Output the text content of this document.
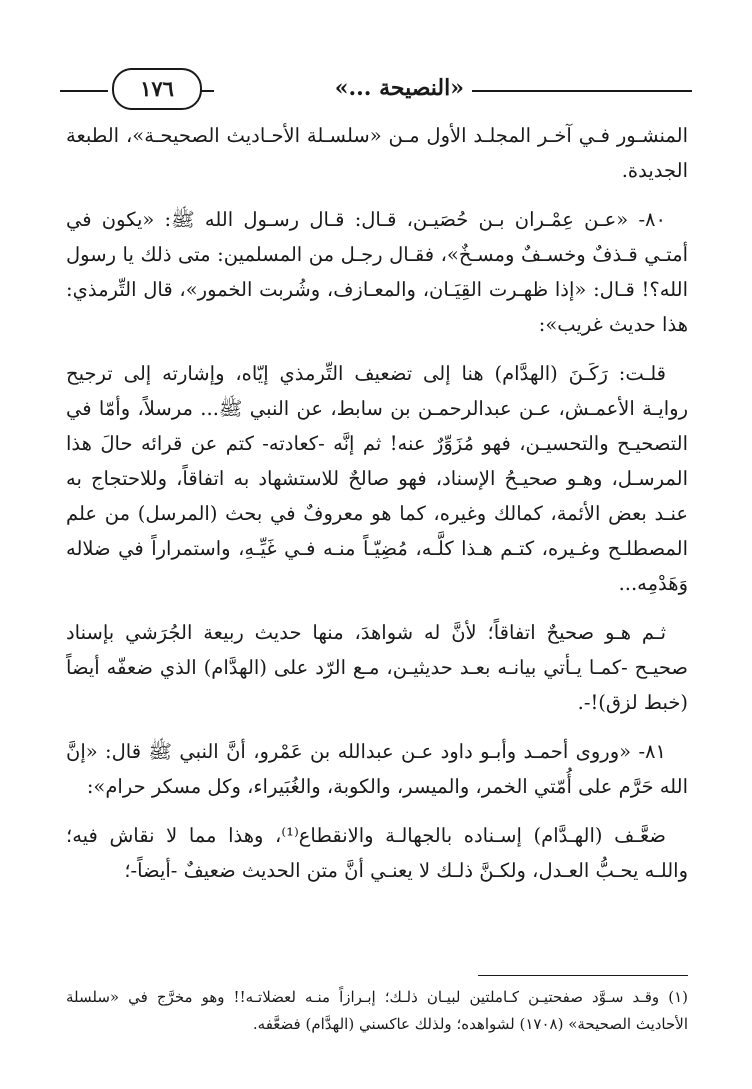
«النصيحة ...»
١٧٦

المنشـور فـي آخـر المجلـد الأول مـن «سلسـلة الأحـاديث الصحيحـة»، الطبعة الجديدة.

٨٠- «عـن عِمْـران بـن حُصَيـن، قـال: قـال رسـول الله ﷺ: «يكون في أمتـي قـذفٌ وخسـفٌ ومسـخٌ»، فقـال رجـل من المسلمين: متى ذلك يا رسول الله؟! قـال: «إذا ظهـرت القِيَـان، والمعـازف، وشُربت الخمور»، قال التِّرمذي: هذا حديث غريب»:

قلـت: رَكَـنَ (الهدَّام) هنا إلى تضعيف التِّرمذي إيّاه، وإشارته إلى ترجيح روايـة الأعمـش، عـن عبدالرحمـن بن سابط، عن النبي ﷺ... مرسلاً، وأمّا في التصحيـح والتحسيـن، فهو مُزَوِّرٌ عنه! ثم إنَّه -كعادته- كتم عن قرائه حالَ هذا المرسـل، وهـو صحيـحُ الإسناد، فهو صالحٌ للاستشهاد به اتفاقاً، وللاحتجاج به عنـد بعض الأئمة، كمالك وغيره، كما هو معروفٌ في بحث (المرسل) من علم المصطلـح وغـيره، كتـم هـذا كلَّـه، مُضِيّـاً منـه فـي غَيِّـهِ، واستمراراً في ضلاله وَهَدْمِه...

ثـم هـو صحيحٌ اتفاقاً؛ لأنَّ له شواهدَ، منها حديث ربيعة الجُرَشي بإسناد صحيـح -كمـا يـأتي بيانـه بعـد حديثيـن، مـع الرّد على (الهدَّام) الذي ضعفّه أيضاً (خبط لزق)!-.

٨١- «وروى أحمـد وأبـو داود عـن عبدالله بن عَمْرو، أنَّ النبي ﷺ قال: «إنَّ الله حَرَّم على أُمّتي الخمر، والميسر، والكوبة، والغُبَيراء، وكل مسكر حرام»:

ضعَّـف (الهـدَّام) إسـناده بالجهالـة والانقطاع⁽¹⁾، وهذا مما لا نقاش فيه؛ واللـه يحـبُّ العـدل، ولكـنَّ ذلـك لا يعنـي أنَّ متن الحديث ضعيفٌ -أيضاً-؛

(١) وقـد سـوَّد صفحتيـن كـاملتين لبيـان ذلـك؛ إبـرازاً منـه لعضلاتـه!! وهو مخرَّج في «سلسلة الأحاديث الصحيحة» (١٧٠٨) لشواهده؛ ولذلك عاكسني (الهدَّام) فضعَّفه.
